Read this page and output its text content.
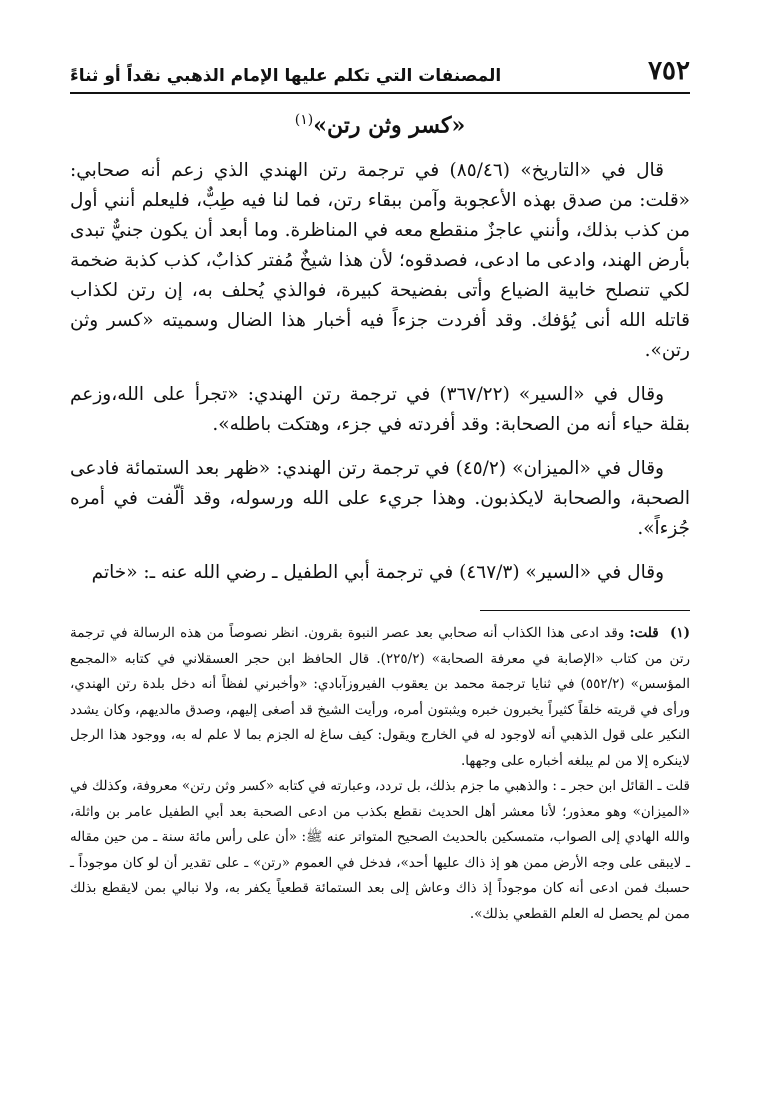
٧٥٢
المصنفات التي تكلم عليها الإمام الذهبي نقداً أو ثناءً
«كسر وثن رتن»$^{(١)}$

قال في «التاريخ» (٨٥/٤٦) في ترجمة رتن الهندي الذي زعم أنه صحابي: «قلت: من صدق بهذه الأعجوبة وآمن ببقاء رتن، فما لنا فيه طِبٌّ، فليعلم أنني أول من كذب بذلك، وأنني عاجزٌ منقطع معه في المناظرة. وما أبعد أن يكون جنيٌّ تبدى بأرض الهند، وادعى ما ادعى، فصدقوه؛ لأن هذا شيخٌ مُفتر كذابٌ، كذب كذبة ضخمة لكي تنصلح خابية الضياع وأتى بفضيحة كبيرة، فوالذي يُحلف به، إن رتن لكذاب قاتله الله أنى يُؤفك. وقد أفردت جزءاً فيه أخبار هذا الضال وسميته «كسر وثن رتن».

وقال في «السير» (٣٦٧/٢٢) في ترجمة رتن الهندي: «تجرأ على الله،وزعم بقلة حياء أنه من الصحابة: وقد أفردته في جزء، وهتكت باطله».

وقال في «الميزان» (٤٥/٢) في ترجمة رتن الهندي: «ظهر بعد الستمائة فادعى الصحبة، والصحابة لايكذبون. وهذا جريء على الله ورسوله، وقد ألّفت في أمره جُزءاً».

وقال في «السير» (٤٦٧/٣) في ترجمة أبي الطفيل ـ رضي الله عنه ـ: «خاتم

(١) قلت: وقد ادعى هذا الكذاب أنه صحابي بعد عصر النبوة بقرون. انظر نصوصاً من هذه الرسالة في ترجمة رتن من كتاب «الإصابة في معرفة الصحابة» (٢٢٥/٢). قال الحافظ ابن حجر العسقلاني في كتابه «المجمع المؤسس» (٥٥٢/٢) في ثنايا ترجمة محمد بن يعقوب الفيروزآبادي: «وأخبرني لفظاً أنه دخل بلدة رتن الهندي، ورأى في قريته خلقاً كثيراً يخبرون خبره ويثبتون أمره، ورأيت الشيخ قد أصغى إليهم، وصدق مالديهم، وكان يشدد النكير على قول الذهبي أنه لاوجود له في الخارج ويقول: كيف ساغ له الجزم بما لا علم له به، ووجود هذا الرجل لاينكره إلا من لم يبلغه أخباره على وجهها.

قلت ـ القائل ابن حجر ـ : والذهبي ما جزم بذلك، بل تردد، وعبارته في كتابه «كسر وثن رتن» معروفة، وكذلك في «الميزان» وهو معذور؛ لأنا معشر أهل الحديث نقطع بكذب من ادعى الصحبة بعد أبي الطفيل عامر بن واثلة، والله الهادي إلى الصواب، متمسكين بالحديث الصحيح المتواتر عنه ﷺ: «أن على رأس مائة سنة ـ من حين مقاله ـ لايبقى على وجه الأرض ممن هو إذ ذاك عليها أحد»، فدخل في العموم «رتن» ـ على تقدير أن لو كان موجوداً ـ حسبك فمن ادعى أنه كان موجوداً إذ ذاك وعاش إلى بعد الستمائة قطعياً يكفر به، ولا نبالي بمن لايقطع بذلك ممن لم يحصل له العلم القطعي بذلك».
